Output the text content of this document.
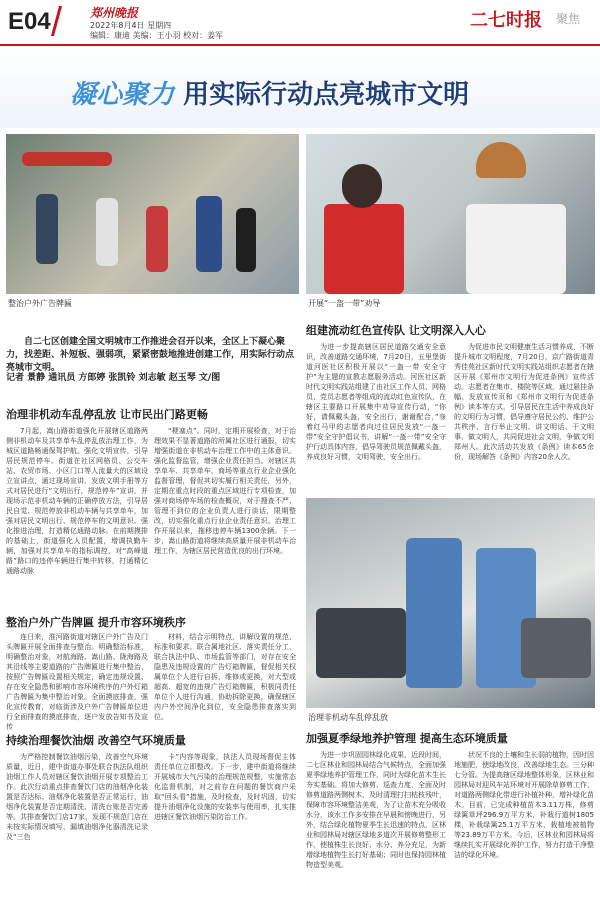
E04	郑州晚报
2022年8月4日 星期四
编辑：康迪 美编：王小羽 校对：姜军
二七时报 聚焦
凝心聚力 用实际行动点亮城市文明
整治户外广告牌匾	开展“一盔一带”劝导
自二七区创建全国文明城市工作推进会召开以来，全区上下凝心聚力，找差距、补短板、强弱项，紧紧密鼓地推进创建工作，用实际行动点亮城市文明。
记者 景静 通讯员 方郎婷 张凯铃 刘志敏 赵玉琴 文/图
治理非机动车乱停乱放 让市民出门路更畅

7月起，嵩山路街道强化开展辖区道路两侧非机动车及共享单车乱停乱放治理工作，为城区道路畅通保驾护航。强化文明宣传，引导居民规范停车。街道在社区网格员、公交车站、农贸市场、小区门口等人流量大的区域设立宣讲点，通过现场宣讲、发放文明手册等方式对居民进行“文明出行，规范停车”宣讲，并现场示范非机动车辆的正确停放方法，引导居民自觉、规范停放非机动车辆与共享单车，加强对居民文明出行、规范停车的文明意识。强化推进治理，打造精亿通路动脉。在前期摸排的基础上，街道强化人员配置，增调执勤车辆，加强对共享单车的指标调控，对“高峰道路”路口的违停车辆进行集中转移，打通精亿通路动脉

“梗塞点”。同时，定期开展检查，对于治理效果不显著道路的所属社区进行通报，切实增强街道在非机动车治理工作中的主体意识。强化监督监管，增强企业责任担当。对辖区共享单车、共享单车，商场等重点行业企业强化监督管理，督促其切实履行相关责任，另外，定期在重点时段的重点区域进行专项检查，加强对商场停车场的检查概况，对于搜查不严、管理不到位的企业负责人进行谈话，限期整改，切实强化重点行业企业责任意识。治理工作开展以来，拖移违停车辆1300余辆。下一步，嵩山路街道将继续高质量开展非机动车治理工作，为辖区居民营造优良的出行环境。

整治户外广告牌匾 提升市容环境秩序

连日来，淮河路街道对辖区户外广告及门头牌匾开展全面排查与整治。明确整治标准，明确整治对象，对航海路、嵩山路、陇海路及其沿线等主要道路的广告牌匾进行集中整治，按照广告牌匾设置相关规定，确定违规设置、存在安全隐患和影响市容环境秩序的户外灯箱广告牌匾为集中整治对象。全面摸底排查，强化宣传教育，对临街涉及户外广告牌匾单位进行全面排查的摸底排查，逐户发放告知书及宣传

材料，结合示明特点，讲解设置的规范、标准和要求。联合属地社区、落实责任分工，联合执法中队、市场监管等部门，对存在安全隐患及违规设置的广告灯箱牌匾，督促相关权属单位个人进行自拆，维修或更换，对大型或超高、超宽的违规广告灯箱牌匾，积极同责任单位个人进行沟通，协助拆除更换，确保辖区内户外空间净化到位，安全隐患排查落实到位。

持续治理餐饮油烟 改善空气环境质量

为严格控制餐饮油烟污染，改善空气环境质量，近日，建中街道办事处联合执法队组织油烟工作人员对辖区餐饮油烟开展专项整治工作。此次行动重点排查餐饮门店的油烟净化装置是否达标、油烟净化装置是否正常运行，油烟净化装置是否定期清洗、清洗台账是否完善等。共排查餐饮门店17家，发现不规范门店在未按实际情况填写、漏填油烟净化器清洗记录及“三色

卡”内容等现象，执法人员现场督促主体责任单位立即整改。下一步，建中街道将继续开展城市大气污染的治理规范规整，实施常态化监督机制，对之前存在问题的餐饮商户采取“回头看”措施，及时检查，及时巩固，切实提升油烟净化设施的安装率与使用率，扎实推进辖区餐饮油烟污染防治工作。

组建流动红色宣传队 让文明深入人心

为进一步提高辖区居民道路交通安全意识，改善道路交通环境，7月20日，五里堡街道河医社区积极开展以“一盔一带 安全守护”为主题的宣教志愿服务活动。河医社区新时代文明实践站组建了由社区工作人员、网格员、党员志愿者等组成的流动红色宣传队，在辖区主要路口开展集中劝导宣传行动，“你好，请佩戴头盔，安全出行，谢谢配合，”身着红马甲的志愿者向过往居民发放“一盔一带”安全守护倡议书，讲解“一盔一带”安全守护行动具体内容，倡导驾驶员规范佩戴头盔，养成良好习惯，文明驾驶，安全出行。

为促进市民文明健康生活习惯养成，不断提升城市文明程度，7月20日，京广路街道青秀佳苑社区新时代文明实践站组织志愿者在辖区开展《郑州市文明行为促进条例》宣传活动。志愿者在集市、楼院等区域，通过悬挂条幅、发放宣传页和《郑州市文明行为促进条例》读本等方式，引导居民在生活中养成良好的文明行为习惯，倡导遵守居民公约、维护公共秩序、言行举止文明、讲文明话、干文明事，做文明人，共同促进社会文明，争做文明郑州人。此次活动共发放《条例》读本65余份，现场解答《条例》内容20余人次。

治理非机动车乱停乱放
加强夏季绿地养护管理 提高生态环境质量

为进一步巩固园林绿化成果，近段时间，二七区林业和园林局结合气候特点，全面加强夏季绿地养护管理工作，同时为绿化苗木生长夯实基础。将加大修剪、巡查力度，全面及时修剪道路两侧树木，及时清理打扫枯枝残叶，保障市容环境整洁美观，为了让苗木充分吸收水分，该水工作多安排在早晨和傍晚进行，另外，结合绿化植物夏季生长迅速的特点，区林业和园林局对辖区绿地多道次开展修剪整形工作，使植株生长良好、水分、养分充足，为新增绿地植物生长打好基础；同时也保持园林植物造型美观。

状况不良的土壤和生长弱的植物，因时因地施肥，使绿地改良，改善绿地生态。三分种七分管。为提高辖区绿地整体形象，区林业和园林局对迎风车站环境对开展除草修剪工作，对道路两侧绿化带进行补植补种，增补绿化苗木。目前，已完成种植苗木3.11万株，修剪绿篱草坪296.9万平方米，补栽行道树1805棵，补栽绿篱25.1万平方米，栽植地被植物等23.89万平方米。今后，区林业和园林局将继续扎实开展绿化养护工作，努力打造干净整洁的绿化环境。
